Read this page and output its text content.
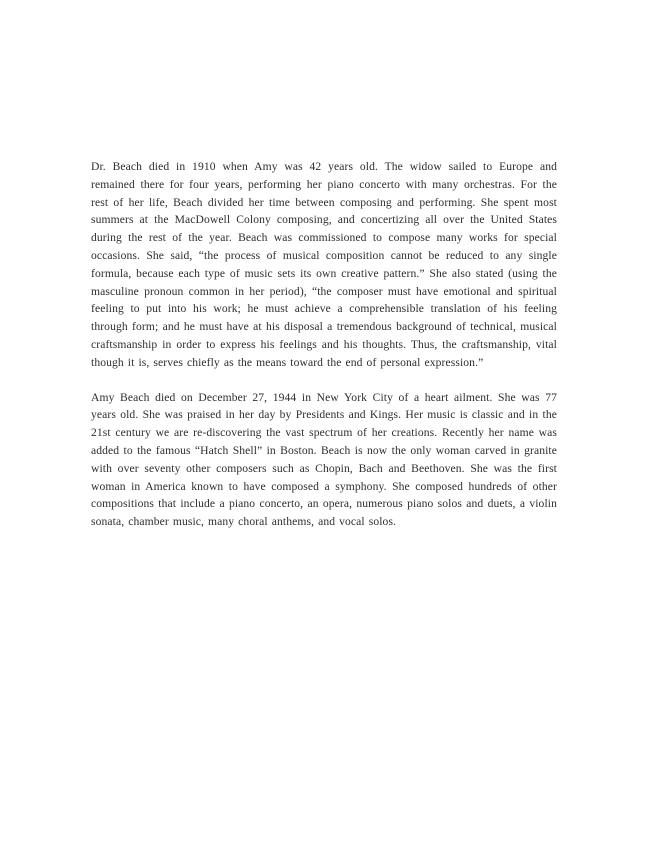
Dr. Beach died in 1910 when Amy was 42 years old. The widow sailed to Europe and remained there for four years, performing her piano concerto with many orchestras. For the rest of her life, Beach divided her time between composing and performing. She spent most summers at the MacDowell Colony composing, and concertizing all over the United States during the rest of the year. Beach was commissioned to compose many works for special occasions. She said, “the process of musical composition cannot be reduced to any single formula, because each type of music sets its own creative pattern.” She also stated (using the masculine pronoun common in her period), “the composer must have emotional and spiritual feeling to put into his work; he must achieve a comprehensible translation of his feeling through form; and he must have at his disposal a tremendous background of technical, musical craftsmanship in order to express his feelings and his thoughts. Thus, the craftsmanship, vital though it is, serves chiefly as the means toward the end of personal expression.”

Amy Beach died on December 27, 1944 in New York City of a heart ailment. She was 77 years old. She was praised in her day by Presidents and Kings. Her music is classic and in the 21st century we are re-discovering the vast spectrum of her creations. Recently her name was added to the famous “Hatch Shell” in Boston. Beach is now the only woman carved in granite with over seventy other composers such as Chopin, Bach and Beethoven. She was the first woman in America known to have composed a symphony. She composed hundreds of other compositions that include a piano concerto, an opera, numerous piano solos and duets, a violin sonata, chamber music, many choral anthems, and vocal solos.
